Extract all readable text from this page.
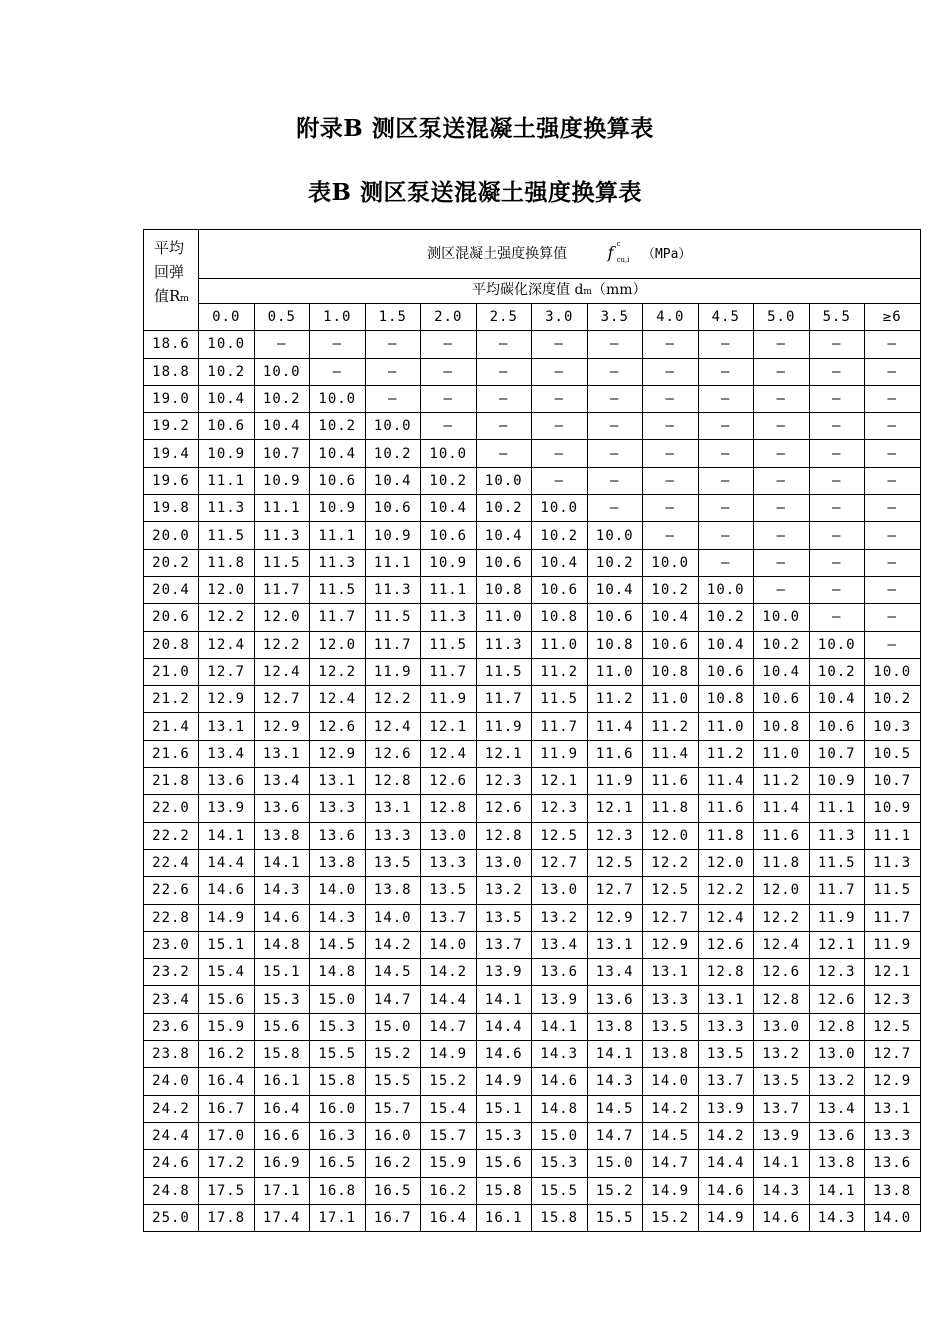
附录B 测区泵送混凝土强度换算表
表B 测区泵送混凝土强度换算表
平均
回弹
值Rm	测区混凝土强度换算值 f c
cu,i （MPa）												
	平均碳化深度值 dm（mm）												
	0.0	0.5	1.0	1.5	2.0	2.5	3.0	3.5	4.0	4.5	5.0	5.5	≥6
18.6	10.0	—	—	—	—	—	—	—	—	—	—	—	—
18.8	10.2	10.0	—	—	—	—	—	—	—	—	—	—	—
19.0	10.4	10.2	10.0	—	—	—	—	—	—	—	—	—	—
19.2	10.6	10.4	10.2	10.0	—	—	—	—	—	—	—	—	—
19.4	10.9	10.7	10.4	10.2	10.0	—	—	—	—	—	—	—	—
19.6	11.1	10.9	10.6	10.4	10.2	10.0	—	—	—	—	—	—	—
19.8	11.3	11.1	10.9	10.6	10.4	10.2	10.0	—	—	—	—	—	—
20.0	11.5	11.3	11.1	10.9	10.6	10.4	10.2	10.0	—	—	—	—	—
20.2	11.8	11.5	11.3	11.1	10.9	10.6	10.4	10.2	10.0	—	—	—	—
20.4	12.0	11.7	11.5	11.3	11.1	10.8	10.6	10.4	10.2	10.0	—	—	—
20.6	12.2	12.0	11.7	11.5	11.3	11.0	10.8	10.6	10.4	10.2	10.0	—	—
20.8	12.4	12.2	12.0	11.7	11.5	11.3	11.0	10.8	10.6	10.4	10.2	10.0	—
21.0	12.7	12.4	12.2	11.9	11.7	11.5	11.2	11.0	10.8	10.6	10.4	10.2	10.0
21.2	12.9	12.7	12.4	12.2	11.9	11.7	11.5	11.2	11.0	10.8	10.6	10.4	10.2
21.4	13.1	12.9	12.6	12.4	12.1	11.9	11.7	11.4	11.2	11.0	10.8	10.6	10.3
21.6	13.4	13.1	12.9	12.6	12.4	12.1	11.9	11.6	11.4	11.2	11.0	10.7	10.5
21.8	13.6	13.4	13.1	12.8	12.6	12.3	12.1	11.9	11.6	11.4	11.2	10.9	10.7
22.0	13.9	13.6	13.3	13.1	12.8	12.6	12.3	12.1	11.8	11.6	11.4	11.1	10.9
22.2	14.1	13.8	13.6	13.3	13.0	12.8	12.5	12.3	12.0	11.8	11.6	11.3	11.1
22.4	14.4	14.1	13.8	13.5	13.3	13.0	12.7	12.5	12.2	12.0	11.8	11.5	11.3
22.6	14.6	14.3	14.0	13.8	13.5	13.2	13.0	12.7	12.5	12.2	12.0	11.7	11.5
22.8	14.9	14.6	14.3	14.0	13.7	13.5	13.2	12.9	12.7	12.4	12.2	11.9	11.7
23.0	15.1	14.8	14.5	14.2	14.0	13.7	13.4	13.1	12.9	12.6	12.4	12.1	11.9
23.2	15.4	15.1	14.8	14.5	14.2	13.9	13.6	13.4	13.1	12.8	12.6	12.3	12.1
23.4	15.6	15.3	15.0	14.7	14.4	14.1	13.9	13.6	13.3	13.1	12.8	12.6	12.3
23.6	15.9	15.6	15.3	15.0	14.7	14.4	14.1	13.8	13.5	13.3	13.0	12.8	12.5
23.8	16.2	15.8	15.5	15.2	14.9	14.6	14.3	14.1	13.8	13.5	13.2	13.0	12.7
24.0	16.4	16.1	15.8	15.5	15.2	14.9	14.6	14.3	14.0	13.7	13.5	13.2	12.9
24.2	16.7	16.4	16.0	15.7	15.4	15.1	14.8	14.5	14.2	13.9	13.7	13.4	13.1
24.4	17.0	16.6	16.3	16.0	15.7	15.3	15.0	14.7	14.5	14.2	13.9	13.6	13.3
24.6	17.2	16.9	16.5	16.2	15.9	15.6	15.3	15.0	14.7	14.4	14.1	13.8	13.6
24.8	17.5	17.1	16.8	16.5	16.2	15.8	15.5	15.2	14.9	14.6	14.3	14.1	13.8
25.0	17.8	17.4	17.1	16.7	16.4	16.1	15.8	15.5	15.2	14.9	14.6	14.3	14.0
